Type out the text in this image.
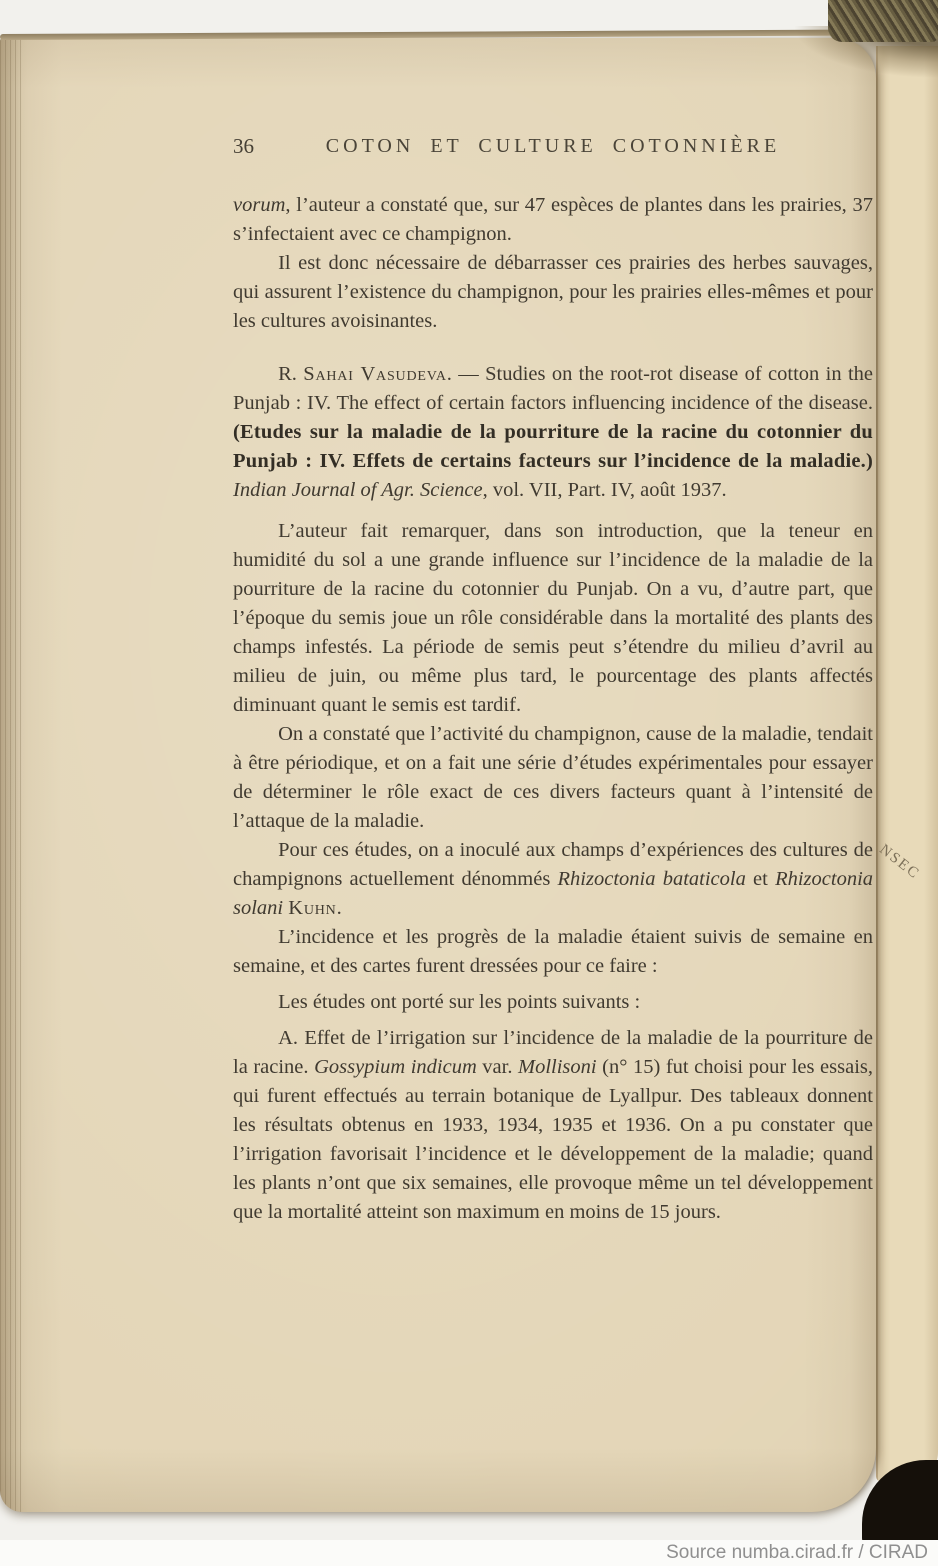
NSEC
36	COTON ET CULTURE COTONNIÈRE

vorum, l’auteur a constaté que, sur 47 espèces de plantes dans les prairies, 37 s’infectaient avec ce champignon.

Il est donc nécessaire de débarrasser ces prairies des herbes sauvages, qui assurent l’existence du champignon, pour les prairies elles-mêmes et pour les cultures avoisinantes.

R. Sahai Vasudeva. — Studies on the root-rot disease of cotton in the Punjab : IV. The effect of certain factors influencing incidence of the disease. (Etudes sur la maladie de la pourriture de la racine du cotonnier du Punjab : IV. Effets de certains facteurs sur l’incidence de la maladie.) Indian Journal of Agr. Science, vol. VII, Part. IV, août 1937.

L’auteur fait remarquer, dans son introduction, que la teneur en humidité du sol a une grande influence sur l’incidence de la maladie de la pourriture de la racine du cotonnier du Punjab. On a vu, d’autre part, que l’époque du semis joue un rôle considérable dans la mortalité des plants des champs infestés. La période de semis peut s’étendre du milieu d’avril au milieu de juin, ou même plus tard, le pourcentage des plants affectés diminuant quant le semis est tardif.

On a constaté que l’activité du champignon, cause de la maladie, tendait à être périodique, et on a fait une série d’études expérimentales pour essayer de déterminer le rôle exact de ces divers facteurs quant à l’intensité de l’attaque de la maladie.

Pour ces études, on a inoculé aux champs d’expériences des cultures de champignons actuellement dénommés Rhizoctonia bataticola et Rhizoctonia solani Kuhn.

L’incidence et les progrès de la maladie étaient suivis de semaine en semaine, et des cartes furent dressées pour ce faire :

Les études ont porté sur les points suivants :

A. Effet de l’irrigation sur l’incidence de la maladie de la pourriture de la racine. Gossypium indicum var. Mollisoni (n° 15) fut choisi pour les essais, qui furent effectués au terrain botanique de Lyallpur. Des tableaux donnent les résultats obtenus en 1933, 1934, 1935 et 1936. On a pu constater que l’irrigation favorisait l’incidence et le développement de la maladie; quand les plants n’ont que six semaines, elle provoque même un tel développement que la mortalité atteint son maximum en moins de 15 jours.

Source numba.cirad.fr / CIRAD
